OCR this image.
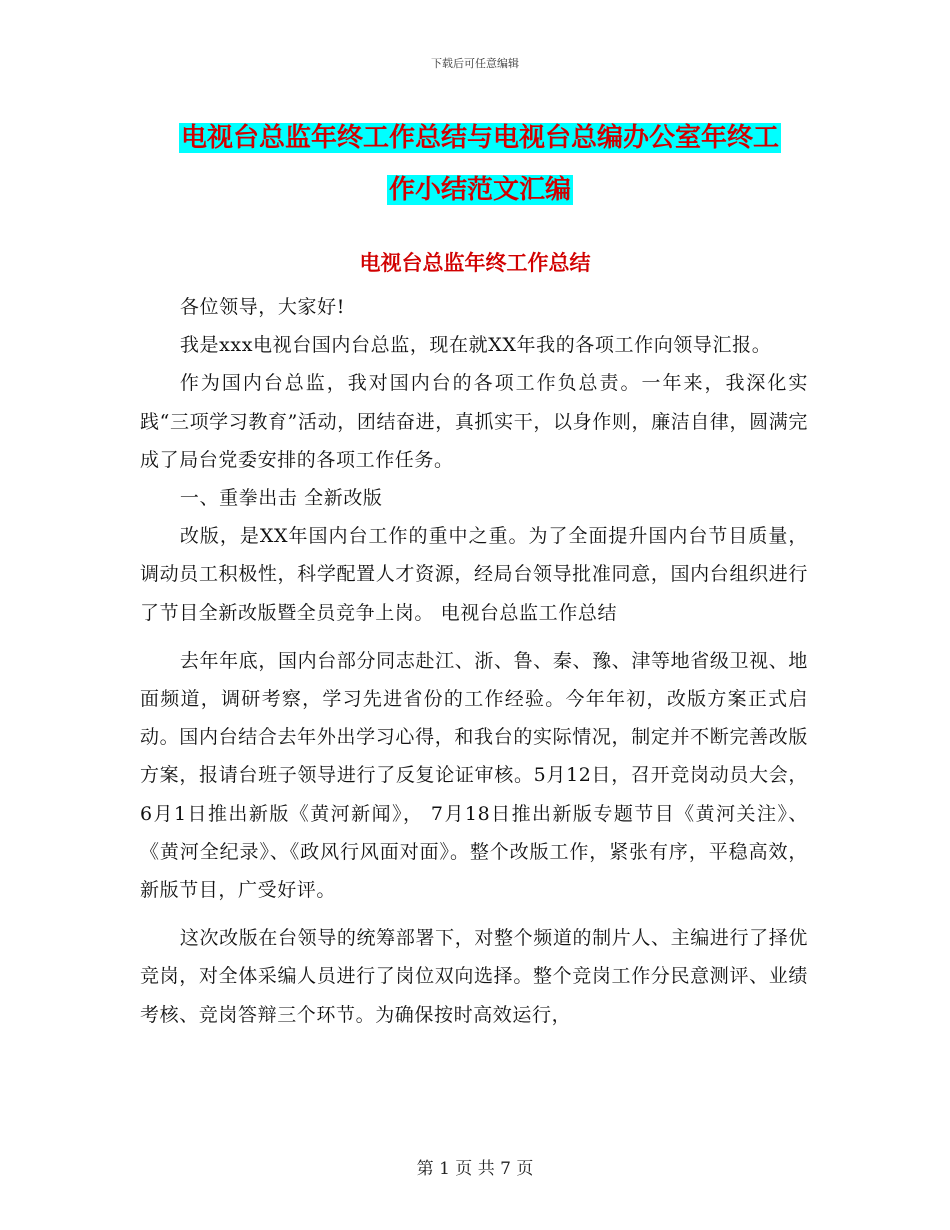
下载后可任意编辑
电视台总监年终工作总结与电视台总编办公室年终工
作小结范文汇编
电视台总监年终工作总结

各位领导，大家好!

我是xxx电视台国内台总监，现在就XX年我的各项工作向领导汇报。

作为国内台总监，我对国内台的各项工作负总责。一年来，我深化实践“三项学习教育”活动，团结奋进，真抓实干，以身作则，廉洁自律，圆满完成了局台党委安排的各项工作任务。

一、重拳出击 全新改版

改版，是XX年国内台工作的重中之重。为了全面提升国内台节目质量，调动员工积极性，科学配置人才资源，经局台领导批准同意，国内台组织进行了节目全新改版暨全员竞争上岗。 电视台总监工作总结

去年年底，国内台部分同志赴江、浙、鲁、秦、豫、津等地省级卫视、地面频道，调研考察，学习先进省份的工作经验。今年年初，改版方案正式启动。国内台结合去年外出学习心得，和我台的实际情况，制定并不断完善改版方案，报请台班子领导进行了反复论证审核。5月12日，召开竞岗动员大会，6月1日推出新版《黄河新闻》， 7月18日推出新版专题节目《黄河关注》、《黄河全纪录》、《政风行风面对面》。整个改版工作，紧张有序，平稳高效，新版节目，广受好评。

这次改版在台领导的统筹部署下，对整个频道的制片人、主编进行了择优竞岗，对全体采编人员进行了岗位双向选择。整个竞岗工作分民意测评、业绩考核、竞岗答辩三个环节。为确保按时高效运行，

第 1 页 共 7 页
